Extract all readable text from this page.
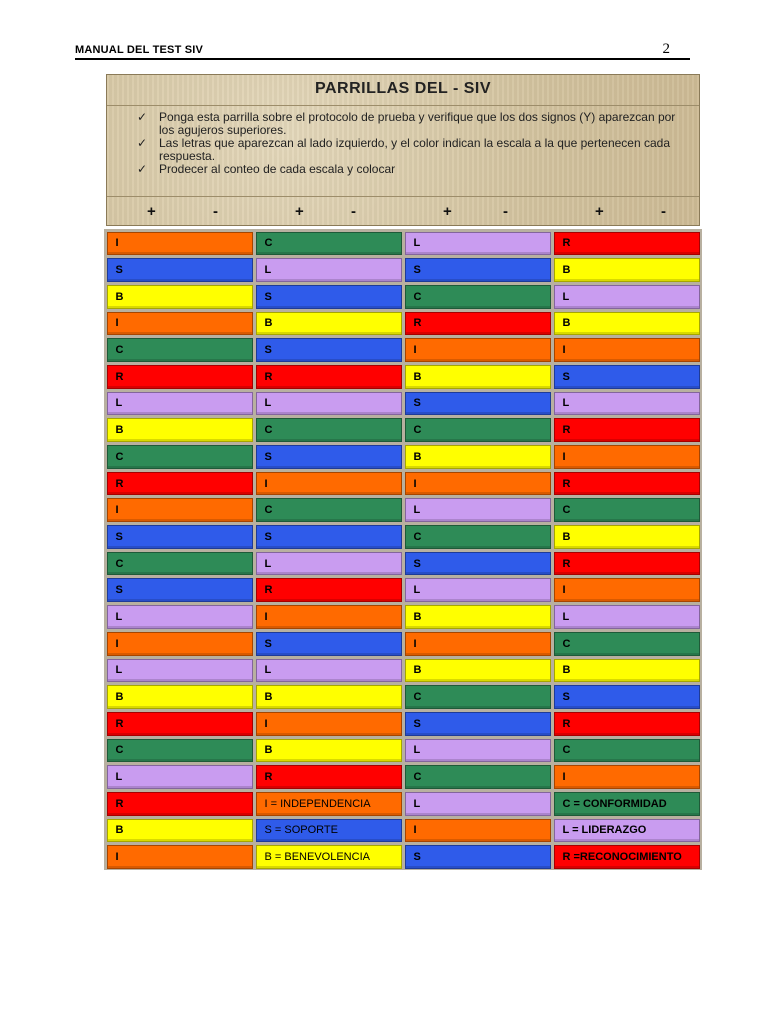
MANUAL DEL TEST SIV	2
PARRILLAS DEL - SIV
✓ Ponga esta parrilla sobre el protocolo de prueba y verifique que los dos signos (Y) aparezcan por los agujeros superiores.
✓ Las letras que aparezcan al lado izquierdo, y el color indican la escala a la que pertenecen cada respuesta.
✓ Prodecer al conteo de cada escala y colocar
+	-	+	-	+	-	+	-
I	C	L	R
S	L	S	B
B	S	C	L
I	B	R	B
C	S	I	I
R	R	B	S
L	L	S	L
B	C	C	R
C	S	B	I
R	I	I	R
I	C	L	C
S	S	C	B
C	L	S	R
S	R	L	I
L	I	B	L
I	S	I	C
L	L	B	B
B	B	C	S
R	I	S	R
C	B	L	C
L	R	C	I
R	I = INDEPENDENCIA	L	C = CONFORMIDAD
B	S = SOPORTE	I	L = LIDERAZGO
I	B = BENEVOLENCIA	S	R =RECONOCIMIENTO
